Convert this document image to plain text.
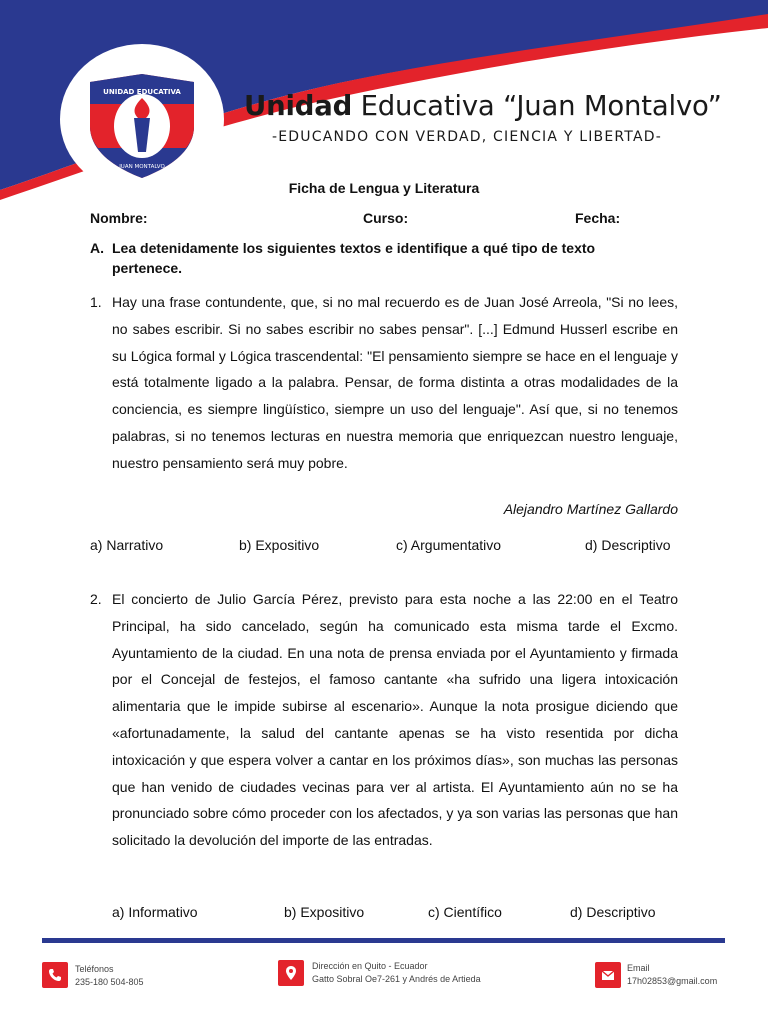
UNIDAD EDUCATIVA
JUAN MONTALVO
Unidad Educativa “Juan Montalvo”
-EDUCANDO CON VERDAD, CIENCIA Y LIBERTAD-
Ficha de Lengua y Literatura
Nombre:	Curso:	Fecha:
A. Lea detenidamente los siguientes textos e identifique a qué tipo de texto pertenece.
1. Hay una frase contundente, que, si no mal recuerdo es de Juan José Arreola, "Si no lees, no sabes escribir. Si no sabes escribir no sabes pensar". [...] Edmund Husserl escribe en su Lógica formal y Lógica trascendental: "El pensamiento siempre se hace en el lenguaje y está totalmente ligado a la palabra. Pensar, de forma distinta a otras modalidades de la conciencia, es siempre lingüístico, siempre un uso del lenguaje". Así que, si no tenemos palabras, si no tenemos lecturas en nuestra memoria que enriquezcan nuestro lenguaje, nuestro pensamiento será muy pobre.
Alejandro Martínez Gallardo
a) Narrativo	b) Expositivo	c) Argumentativo	d) Descriptivo
2. El concierto de Julio García Pérez, previsto para esta noche a las 22:00 en el Teatro Principal, ha sido cancelado, según ha comunicado esta misma tarde el Excmo. Ayuntamiento de la ciudad. En una nota de prensa enviada por el Ayuntamiento y firmada por el Concejal de festejos, el famoso cantante «ha sufrido una ligera intoxicación alimentaria que le impide subirse al escenario». Aunque la nota prosigue diciendo que «afortunadamente, la salud del cantante apenas se ha visto resentida por dicha intoxicación y que espera volver a cantar en los próximos días», son muchas las personas que han venido de ciudades vecinas para ver al artista. El Ayuntamiento aún no se ha pronunciado sobre cómo proceder con los afectados, y ya son varias las personas que han solicitado la devolución del importe de las entradas.
a) Informativo	b) Expositivo	c) Científico	d) Descriptivo
Teléfonos
235-180 504-805
Dirección en Quito - Ecuador
Gatto Sobral Oe7-261 y Andrés de Artieda
Email
17h02853@gmail.com
